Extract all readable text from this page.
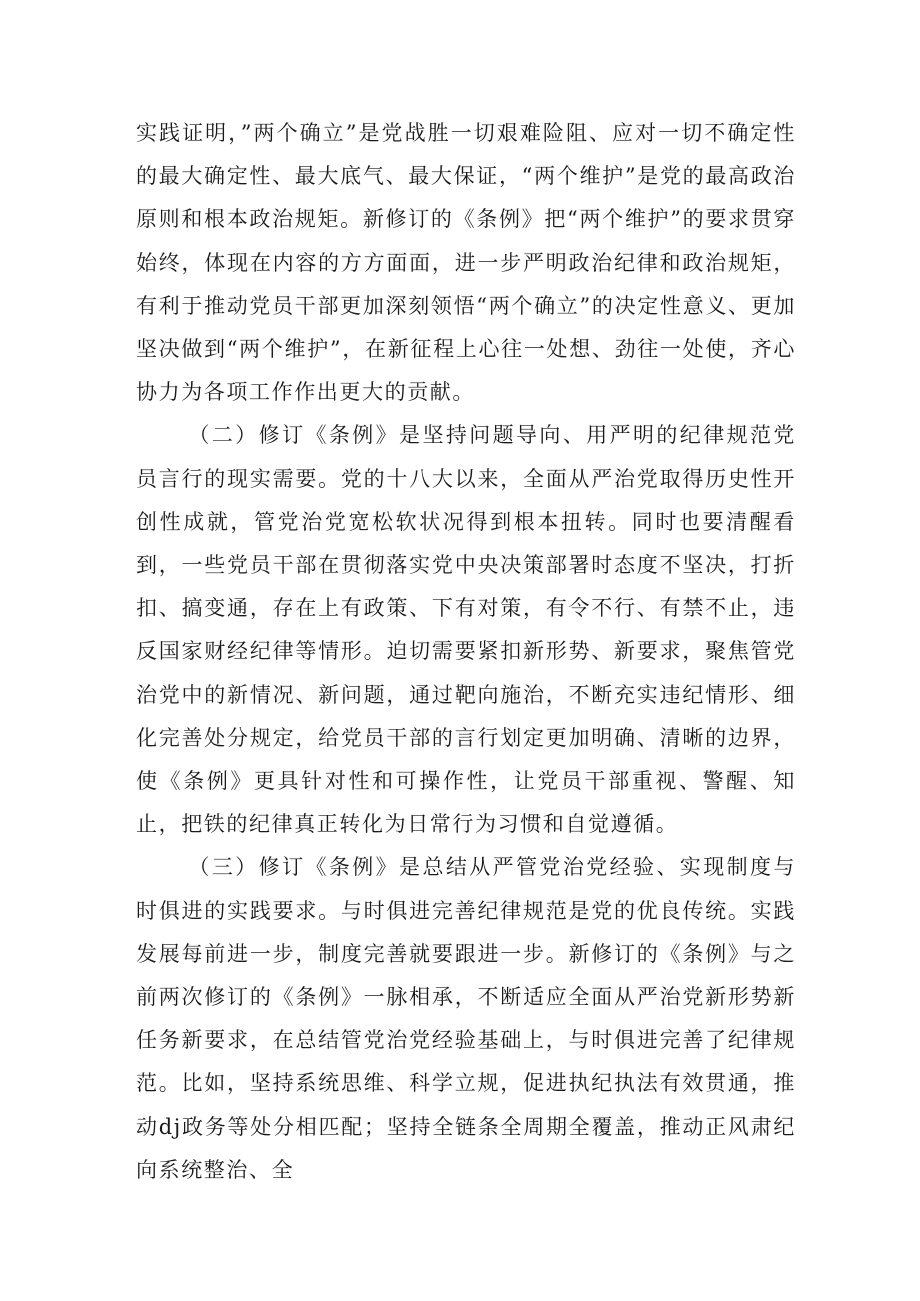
实践证明，”两个确立”是党战胜一切艰难险阻、应对一切不确定性的最大确定性、最大底气、最大保证，“两个维护”是党的最高政治原则和根本政治规矩。新修订的《条例》把“两个维护”的要求贯穿始终，体现在内容的方方面面，进一步严明政治纪律和政治规矩，有利于推动党员干部更加深刻领悟“两个确立”的决定性意义、更加坚决做到“两个维护”，在新征程上心往一处想、劲往一处使，齐心协力为各项工作作出更大的贡献。

（二）修订《条例》是坚持问题导向、用严明的纪律规范党员言行的现实需要。党的十八大以来，全面从严治党取得历史性开创性成就，管党治党宽松软状况得到根本扭转。同时也要清醒看到，一些党员干部在贯彻落实党中央决策部署时态度不坚决，打折扣、搞变通，存在上有政策、下有对策，有令不行、有禁不止，违反国家财经纪律等情形。迫切需要紧扣新形势、新要求，聚焦管党治党中的新情况、新问题，通过靶向施治，不断充实违纪情形、细化完善处分规定，给党员干部的言行划定更加明确、清晰的边界，使《条例》更具针对性和可操作性，让党员干部重视、警醒、知止，把铁的纪律真正转化为日常行为习惯和自觉遵循。

（三）修订《条例》是总结从严管党治党经验、实现制度与时俱进的实践要求。与时俱进完善纪律规范是党的优良传统。实践发展每前进一步，制度完善就要跟进一步。新修订的《条例》与之前两次修订的《条例》一脉相承，不断适应全面从严治党新形势新任务新要求，在总结管党治党经验基础上，与时俱进完善了纪律规范。比如，坚持系统思维、科学立规，促进执纪执法有效贯通，推动dj政务等处分相匹配；坚持全链条全周期全覆盖，推动正风肃纪向系统整治、全
